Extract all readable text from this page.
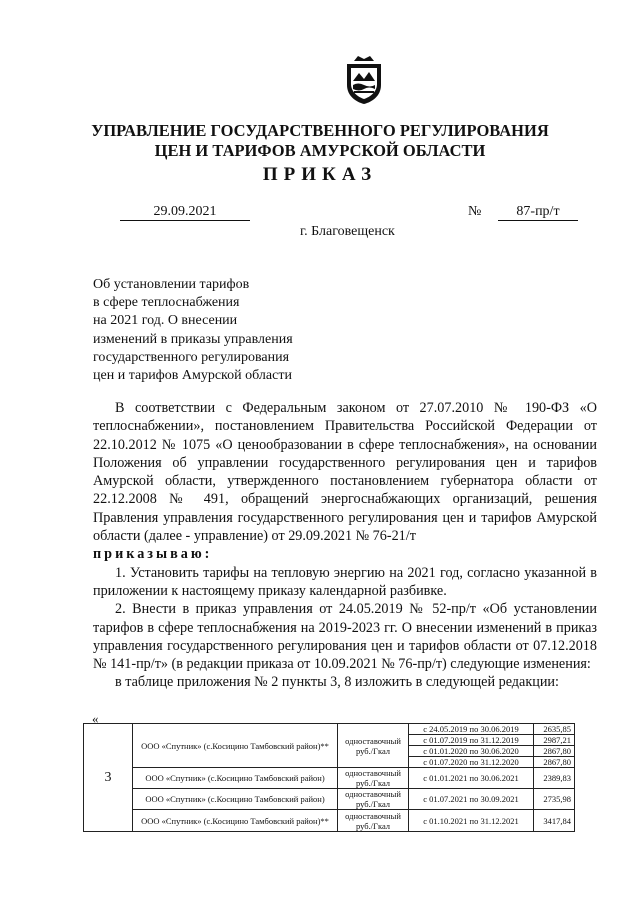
УПРАВЛЕНИЕ ГОСУДАРСТВЕННОГО РЕГУЛИРОВАНИЯ
ЦЕН И ТАРИФОВ АМУРСКОЙ ОБЛАСТИ
ПРИКАЗ
29.09.2021	№	87-пр/т
г. Благовещенск
Об установлении тарифов
в сфере теплоснабжения
на 2021 год. О внесении
изменений в приказы управления
государственного регулирования
цен и тарифов Амурской области

В соответствии с Федеральным законом от 27.07.2010 № 190-ФЗ «О теплоснабжении», постановлением Правительства Российской Федерации от 22.10.2012 № 1075 «О ценообразовании в сфере теплоснабжения», на основании Положения об управлении государственного регулирования цен и тарифов Амурской области, утвержденного постановлением губернатора области от 22.12.2008 № 491, обращений энергоснабжающих организаций, решения Правления управления государственного регулирования цен и тарифов Амурской области (далее - управление) от 29.09.2021 № 76-21/т

приказываю:

1. Установить тарифы на тепловую энергию на 2021 год, согласно указанной в приложении к настоящему приказу календарной разбивке.

2. Внести в приказ управления от 24.05.2019 № 52-пр/т «Об установлении тарифов в сфере теплоснабжения на 2019-2023 гг. О внесении изменений в приказ управления государственного регулирования цен и тарифов области от 07.12.2018 № 141-пр/т» (в редакции приказа от 10.09.2021 № 76-пр/т) следующие изменения:

в таблице приложения № 2 пункты 3, 8 изложить в следующей редакции:

«
3	ООО «Спутник» (с.Косицино Тамбовский район)**	одноставочный руб./Гкал	с 24.05.2019 по 30.06.2019	2635,85
			с 01.07.2019 по 31.12.2019	2987,21
			с 01.01.2020 по 30.06.2020	2867,80
			с 01.07.2020 по 31.12.2020	2867,80
	ООО «Спутник» (с.Косицино Тамбовский район)	одноставочный руб./Гкал	с 01.01.2021 по 30.06.2021	2389,83
	ООО «Спутник» (с.Косицино Тамбовский район)	одноставочный руб./Гкал	с 01.07.2021 по 30.09.2021	2735,98
	ООО «Спутник» (с.Косицино Тамбовский район)**	одноставочный руб./Гкал	с 01.10.2021 по 31.12.2021	3417,84
